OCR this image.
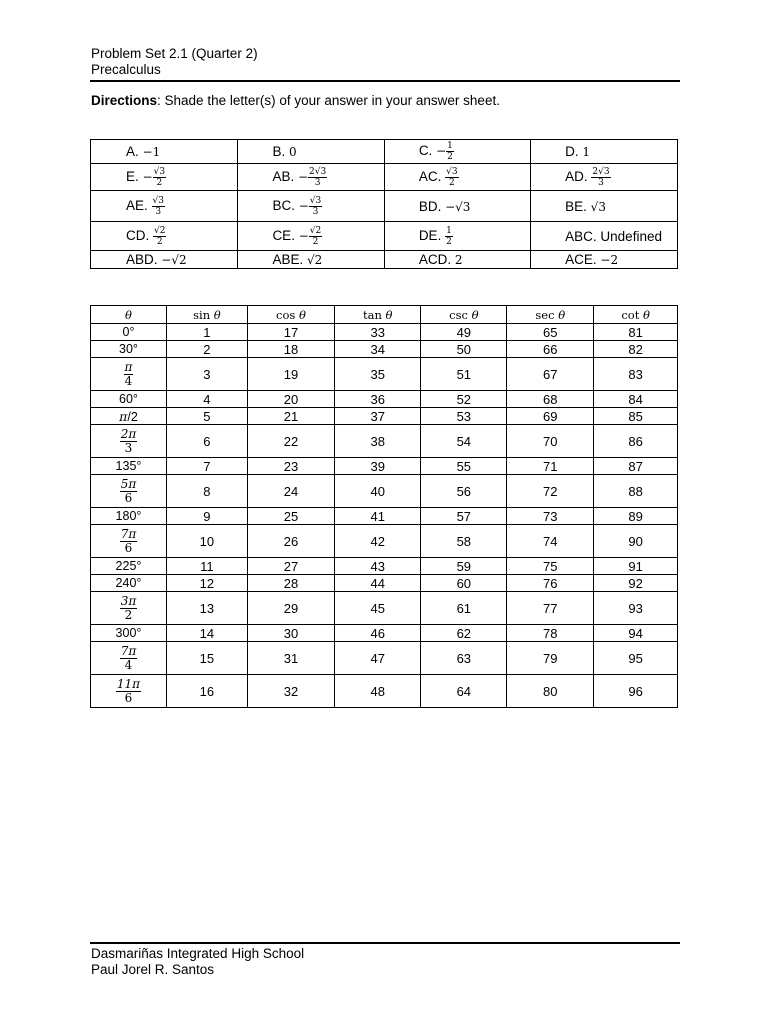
Problem Set 2.1 (Quarter 2)
Precalculus
Directions: Shade the letter(s) of your answer in your answer sheet.
A. −1	B. 0	C. − $\frac{1}{2}$	D. 1
E. − $\frac{√3}{2}$	AB. − $\frac{2√3}{3}$	AC. $\frac{√3}{2}$	AD. $\frac{2√3}{3}$

AE. $\frac{√3}{3}$	BC. − $\frac{√3}{3}$	BD. −√3	BE. √3
CD. $\frac{√2}{2}$	CE. − $\frac{√2}{2}$	DE. $\frac{1}{2}$	ABC. Undefined
ABD. −√2	ABE. √2	ACD. 2	ACE. −2
θ	sin θ	cos θ	tan θ	csc θ	sec θ	cot θ
0°	1	17	33	49	65	81
30°	2	18	34	50	66	82

$\frac{\pi}{4}$	3	19	35	51	67	83
60°	4	20	36	52	68	84
π/2	5	21	37	53	69	85

$\frac{2\pi}{3}$	6	22	38	54	70	86
135°	7	23	39	55	71	87

$\frac{5\pi}{6}$	8	24	40	56	72	88
180°	9	25	41	57	73	89

$\frac{7\pi}{6}$	10	26	42	58	74	90
225°	11	27	43	59	75	91
240°	12	28	44	60	76	92

$\frac{3\pi}{2}$	13	29	45	61	77	93
300°	14	30	46	62	78	94

$\frac{7\pi}{4}$	15	31	47	63	79	95

$\frac{11\pi}{6}$	16	32	48	64	80	96
Dasmariñas Integrated High School
Paul Jorel R. Santos
